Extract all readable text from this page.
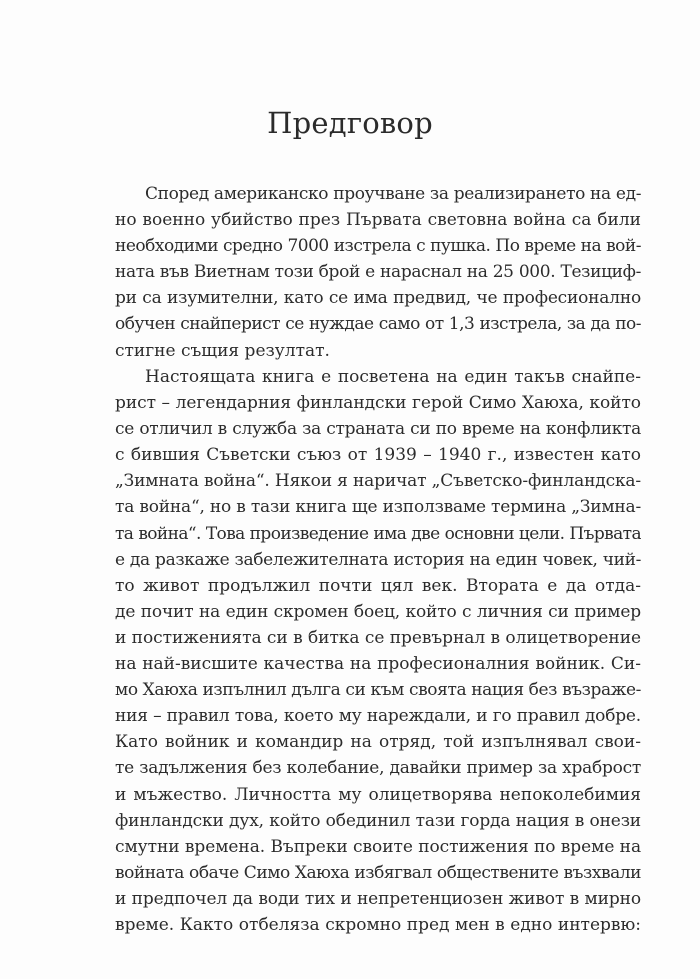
Предговор
Според американско проучване за реализирането на ед-
но военно убийство през Първата световна война са били
необходими средно 7000 изстрела с пушка. По време на вой-
ната във Виетнам този брой е нараснал на 25 000. Тезициф-
ри са изумителни, като се има предвид, че професионално
обучен снайперист се нуждае само от 1,3 изстрела, за да по-
стигне същия резултат.
Настоящата книга е посветена на един такъв снайпе-
рист – легендарния финландски герой Симо Хаюха, който
се отличил в служба за страната си по време на конфликта
с бившия Съветски съюз от 1939 – 1940 г., известен като
„Зимната война“. Някои я наричат „Съветско-финландска-
та война“, но в тази книга ще използваме термина „Зимна-
та война“. Това произведение има две основни цели. Първата
е да разкаже забележителната история на един човек, чий-
то живот продължил почти цял век. Втората е да отда-
де почит на един скромен боец, който с личния си пример
и постиженията си в битка се превърнал в олицетворение
на най-висшите качества на професионалния войник. Си-
мо Хаюха изпълнил дълга си към своята нация без възраже-
ния – правил това, което му нареждали, и го правил добре.
Като войник и командир на отряд, той изпълнявал свои-
те задължения без колебание, давайки пример за храброст
и мъжество. Личността му олицетворява непоколебимия
финландски дух, който обединил тази горда нация в онези
смутни времена. Въпреки своите постижения по време на
войната обаче Симо Хаюха избягвал обществените възхвали
и предпочел да води тих и непретенциозен живот в мирно
време. Както отбеляза скромно пред мен в едно интервю:
